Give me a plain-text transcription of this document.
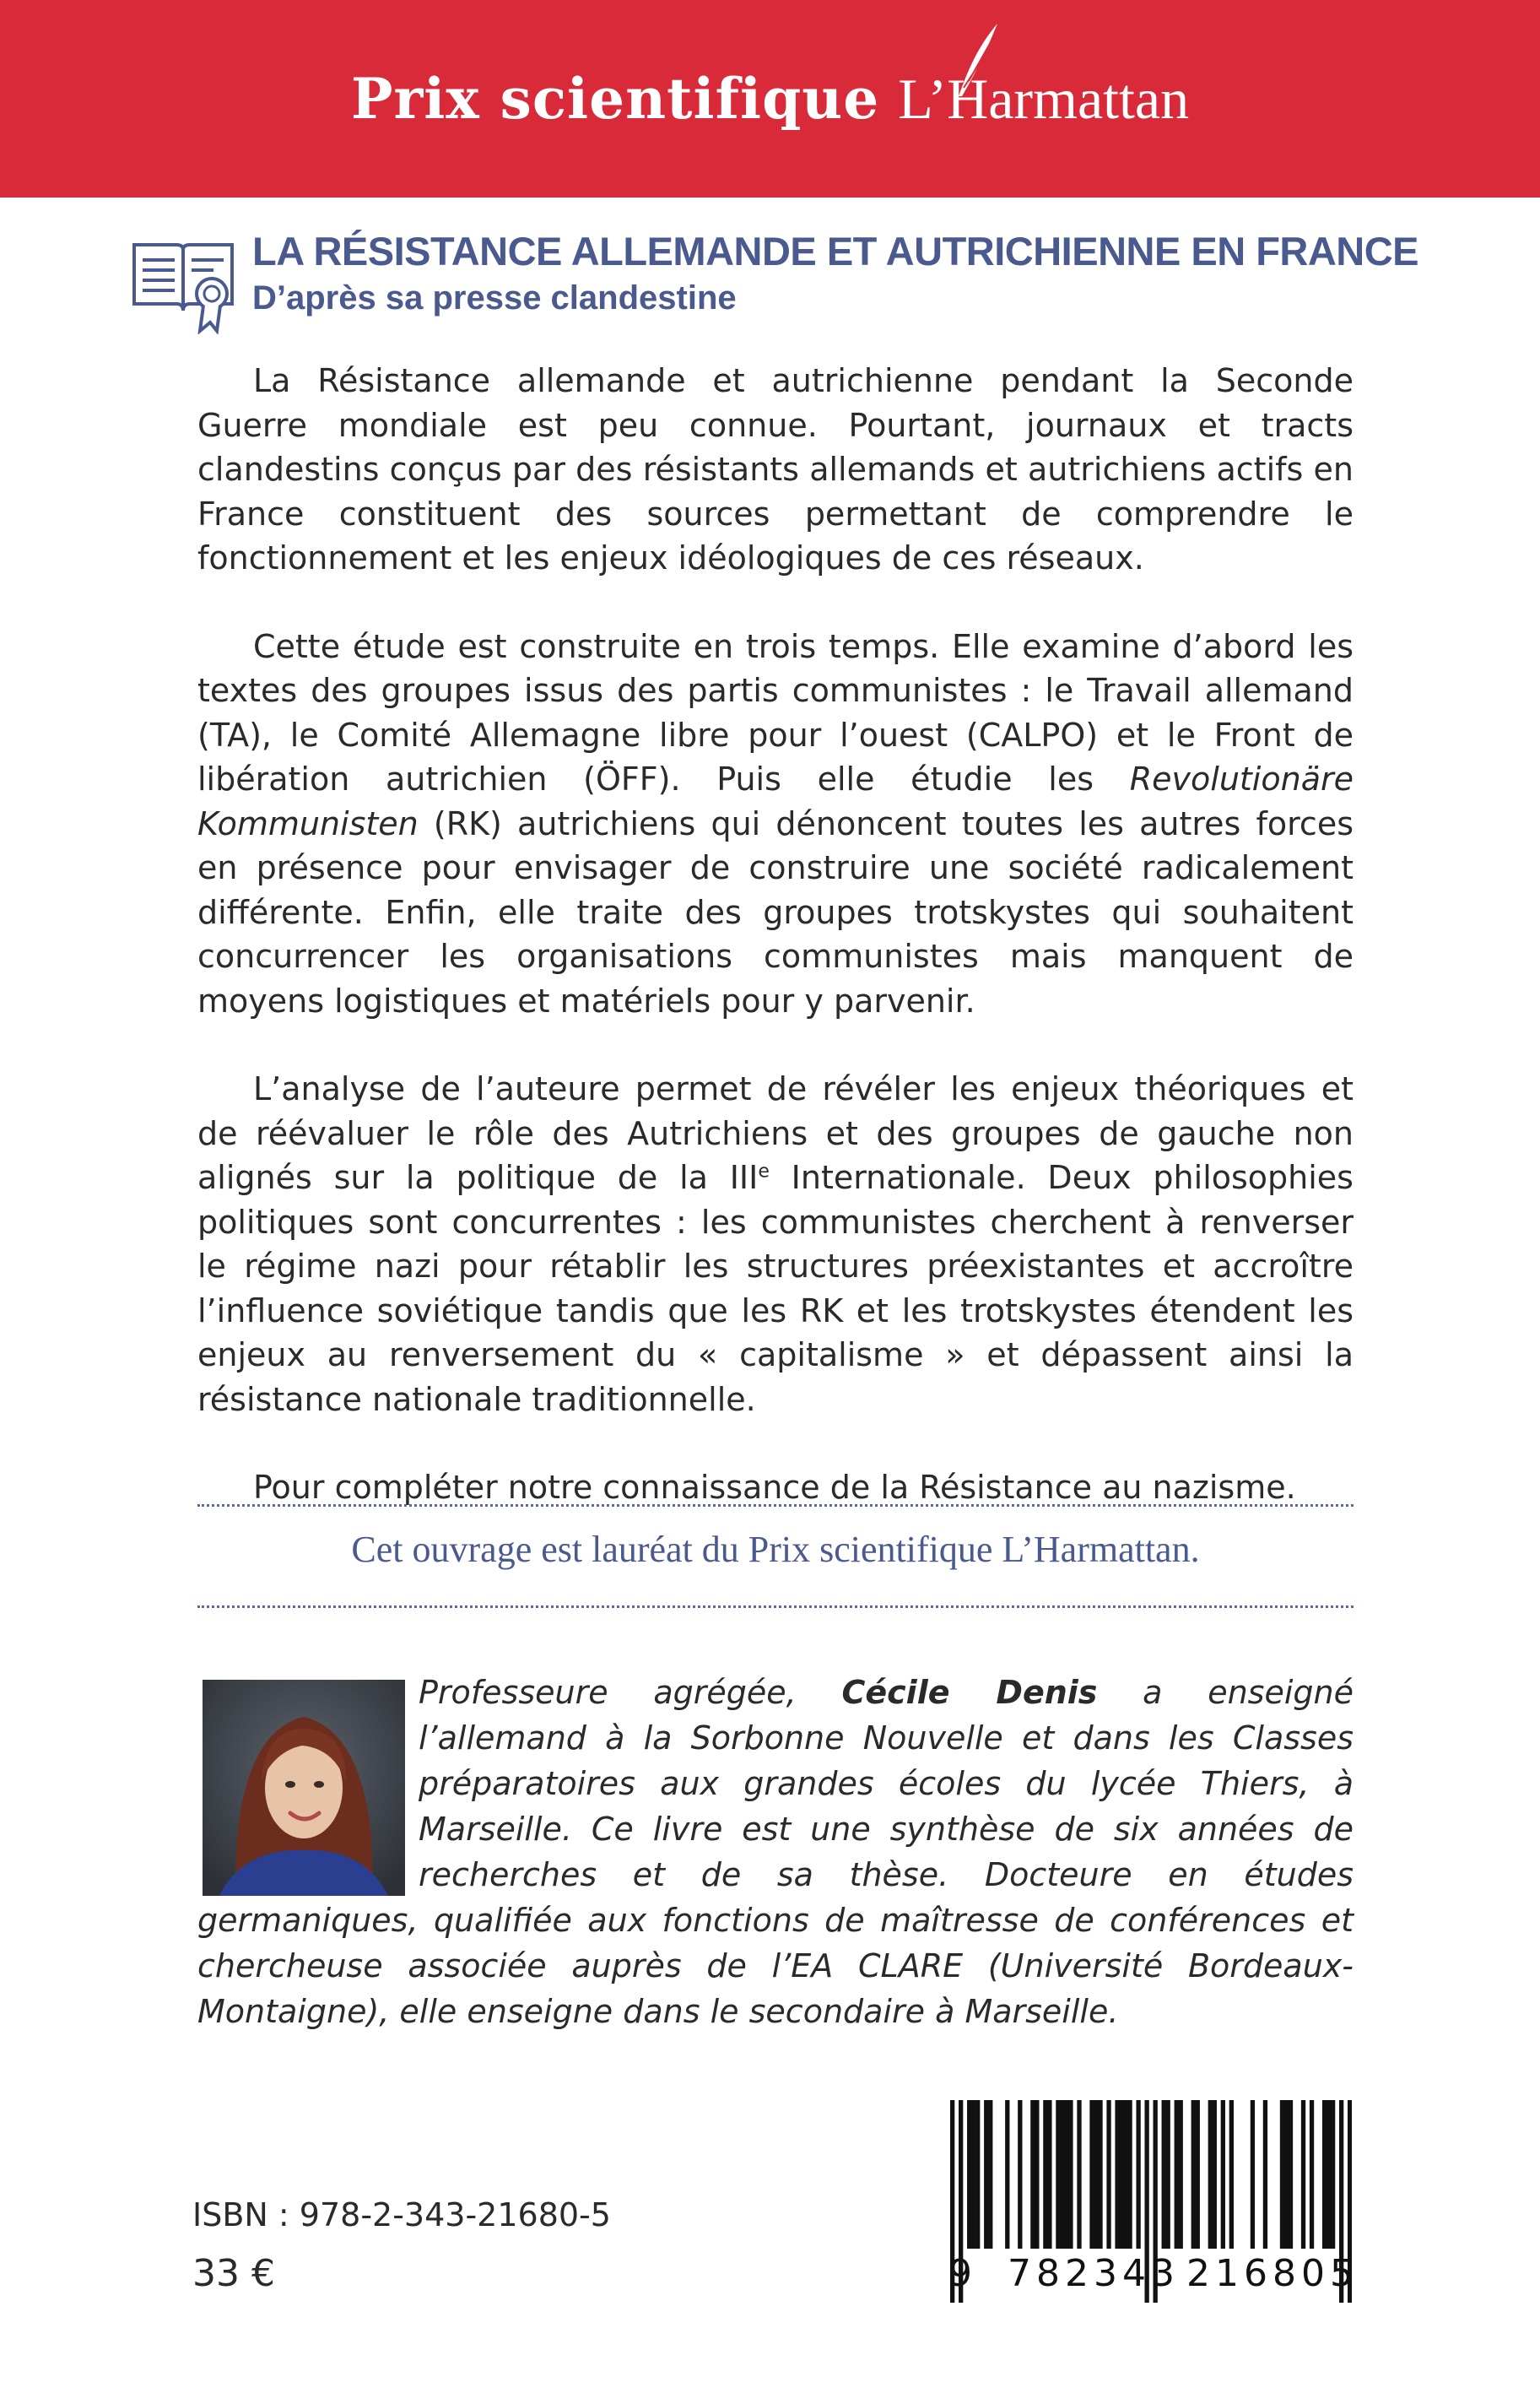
Prix scientifique L’Harmattan
LA RÉSISTANCE ALLEMANDE ET AUTRICHIENNE EN FRANCE
D’après sa presse clandestine

La Résistance allemande et autrichienne pendant la Seconde Guerre mondiale est peu connue. Pourtant, journaux et tracts clandestins conçus par des résistants allemands et autrichiens actifs en France constituent des sources permettant de comprendre le fonctionnement et les enjeux idéologiques de ces réseaux.

Cette étude est construite en trois temps. Elle examine d’abord les textes des groupes issus des partis communistes : le Travail allemand (TA), le Comité Allemagne libre pour l’ouest (CALPO) et le Front de libération autrichien (ÖFF). Puis elle étudie les Revolutionäre Kommunisten (RK) autrichiens qui dénoncent toutes les autres forces en présence pour envisager de construire une société radicalement différente. Enfin, elle traite des groupes trotskystes qui souhaitent concurrencer les organisations communistes mais manquent de moyens logistiques et matériels pour y parvenir.

L’analyse de l’auteure permet de révéler les enjeux théoriques et de réévaluer le rôle des Autrichiens et des groupes de gauche non alignés sur la politique de la IIIe Internationale. Deux philosophies politiques sont concurrentes : les communistes cherchent à renverser le régime nazi pour rétablir les structures préexistantes et accroître l’influence soviétique tandis que les RK et les trotskystes étendent les enjeux au renversement du « capitalisme » et dépassent ainsi la résistance nationale traditionnelle.

Pour compléter notre connaissance de la Résistance au nazisme.

Cet ouvrage est lauréat du Prix scientifique L’Harmattan.
Professeure agrégée, Cécile Denis a enseigné l’allemand à la Sorbonne Nouvelle et dans les Classes préparatoires aux grandes écoles du lycée Thiers, à Marseille. Ce livre est une synthèse de six années de recherches et de sa thèse. Docteure en études germaniques, qualifiée aux fonctions de maîtresse de conférences et chercheuse associée auprès de l’EA CLARE (Université Bordeaux-Montaigne), elle enseigne dans le secondaire à Marseille.
ISBN : 978-2-343-21680-5
33 €	9 782343 216805
